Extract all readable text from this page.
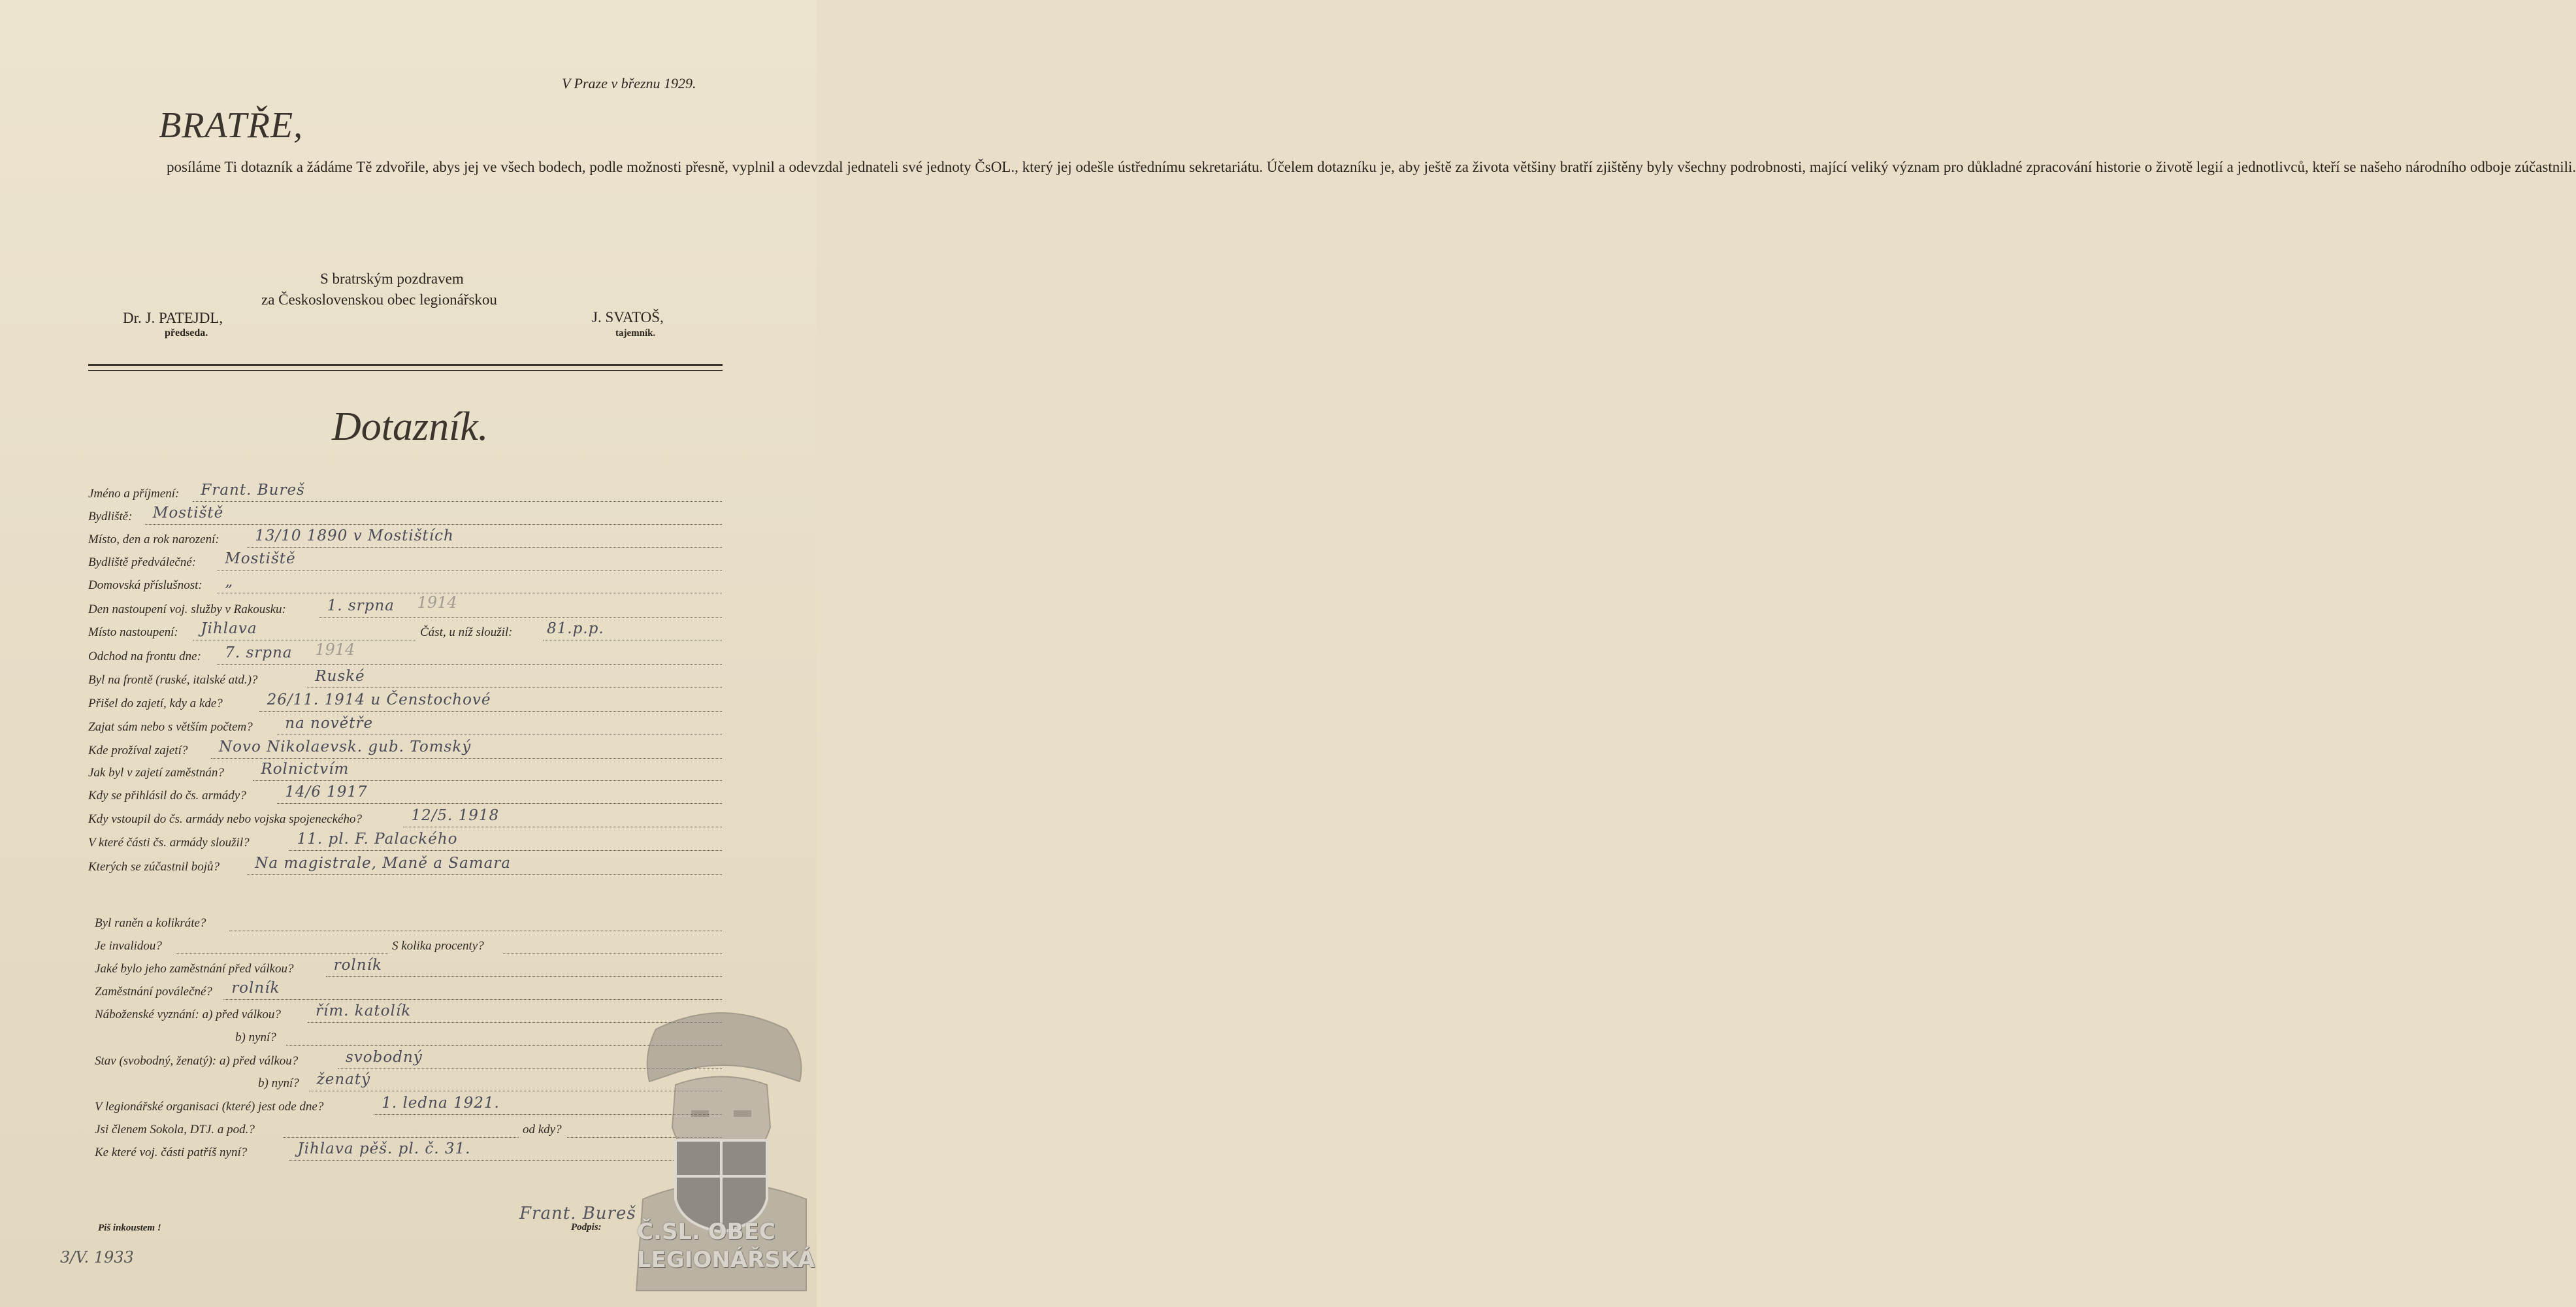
V Praze v březnu 1929.
BRATŘE,

posíláme Ti dotazník a žádáme Tě zdvořile, abys jej ve všech bodech, podle možnosti přesně, vyplnil a odevzdal jednateli své jednoty ČsOL., který jej odešle ústřednímu sekretariátu. Účelem dotazníku je, aby ještě za života většiny bratří zjištěny byly všechny podrobnosti, mající veliký význam pro důkladné zpracování historie o životě legií a jednotlivců, kteří se našeho národního odboje zúčastnili.

S bratrským pozdravem
za Československou obec legionářskou
Dr. J. PATEJDL,
předseda.
J. SVATOŠ,
tajemník.
Dotazník.
Jméno a příjmení: Frant. Bureš
Bydliště: Mostiště
Místo, den a rok narození: 13/10 1890 v Mostištích
Bydliště předválečné: Mostiště
Domovská příslušnost: „
Den nastoupení voj. služby v Rakousku:	1. srpna 1914
Místo nastoupení: Jihlava	Část, u níž sloužil: 81.p.p.
Odchod na frontu dne: 7. srpna 1914
Byl na frontě (ruské, italské atd.)?	Ruské
Přišel do zajetí, kdy a kde?	26/11. 1914 u Čenstochové
Zajat sám nebo s větším počtem? na novětře
Kde prožíval zajetí? Novo Nikolaevsk. gub. Tomský
Jak byl v zajetí zaměstnán? Rolnictvím
Kdy se přihlásil do čs. armády?	14/6 1917
Kdy vstoupil do čs. armády nebo vojska spojeneckého?	12/5. 1918
V které části čs. armády sloužil?	11. pl. F. Palackého
Kterých se zúčastnil bojů? Na magistrale, Maně a Samara
Byl raněn a kolikráte?
Je invalidou?	S kolika procenty?
Jaké bylo jeho zaměstnání před válkou?	rolník
Zaměstnání poválečné? rolník
Náboženské vyznání: a) před válkou? řím. katolík
b) nyní?
Stav (svobodný, ženatý): a) před válkou?	svobodný
b) nyní? ženatý
V legionářské organisaci (které) jest ode dne?	1. ledna 1921.
Jsi členem Sokola, DTJ. a pod.?	od kdy?
Ke které voj. části patříš nyní?	Jihlava pěš. pl. č. 31.
Frant. Bureš
Podpis:
Piš inkoustem !
3/V. 1933
Č.SL. OBEC
LEGIONÁŘSKÁ
